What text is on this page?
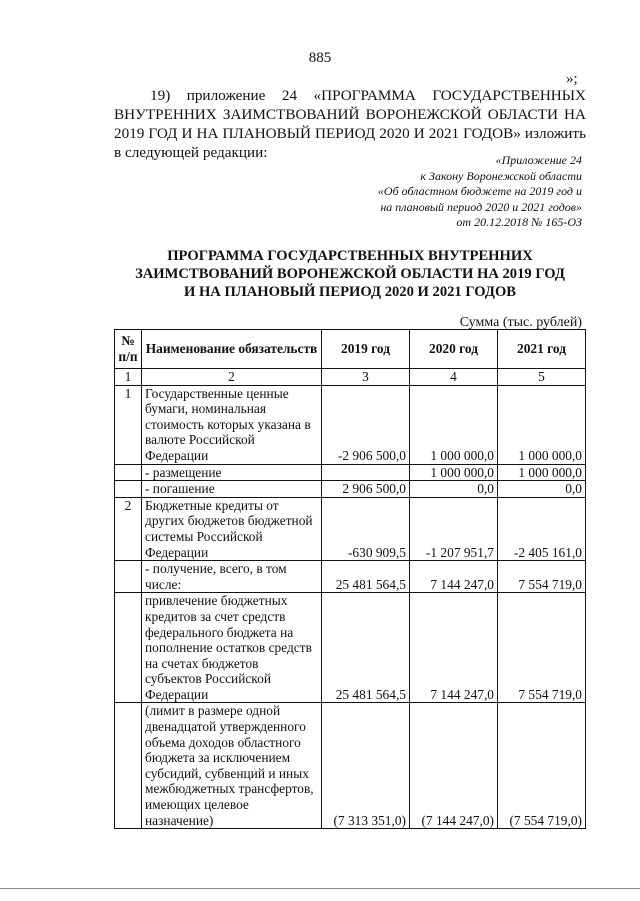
885
»;

19) приложение 24 «ПРОГРАММА ГОСУДАРСТВЕННЫХ ВНУТРЕННИХ ЗАИМСТВОВАНИЙ ВОРОНЕЖСКОЙ ОБЛАСТИ НА 2019 ГОД И НА ПЛАНОВЫЙ ПЕРИОД 2020 И 2021 ГОДОВ» изложить в следующей редакции:	«Приложение 24
к Закону Воронежской области
«Об областном бюджете на 2019 год и
на плановый период 2020 и 2021 годов»
от 20.12.2018 № 165-ОЗ
ПРОГРАММА ГОСУДАРСТВЕННЫХ ВНУТРЕННИХ
ЗАИМСТВОВАНИЙ ВОРОНЕЖСКОЙ ОБЛАСТИ НА 2019 ГОД
И НА ПЛАНОВЫЙ ПЕРИОД 2020 И 2021 ГОДОВ
Сумма (тыс. рублей)
№ п/п	Наименование обязательств	2019 год	2020 год	2021 год
1	2	3	4	5
1	Государственные ценные бумаги, номинальная стоимость которых указана в валюте Российской Федерации	-2 906 500,0	1 000 000,0	1 000 000,0
	- размещение		1 000 000,0	1 000 000,0
	- погашение	2 906 500,0	0,0	0,0
2	Бюджетные кредиты от других бюджетов бюджетной системы Российской Федерации	-630 909,5	-1 207 951,7	-2 405 161,0
	- получение, всего, в том числе:	25 481 564,5	7 144 247,0	7 554 719,0
	привлечение бюджетных кредитов за счет средств федерального бюджета на пополнение остатков средств на счетах бюджетов субъектов Российской Федерации	25 481 564,5	7 144 247,0	7 554 719,0
	(лимит в размере одной двенадцатой утвержденного объема доходов областного бюджета за исключением субсидий, субвенций и иных межбюджетных трансфертов, имеющих целевое назначение)	(7 313 351,0)	(7 144 247,0)	(7 554 719,0)
